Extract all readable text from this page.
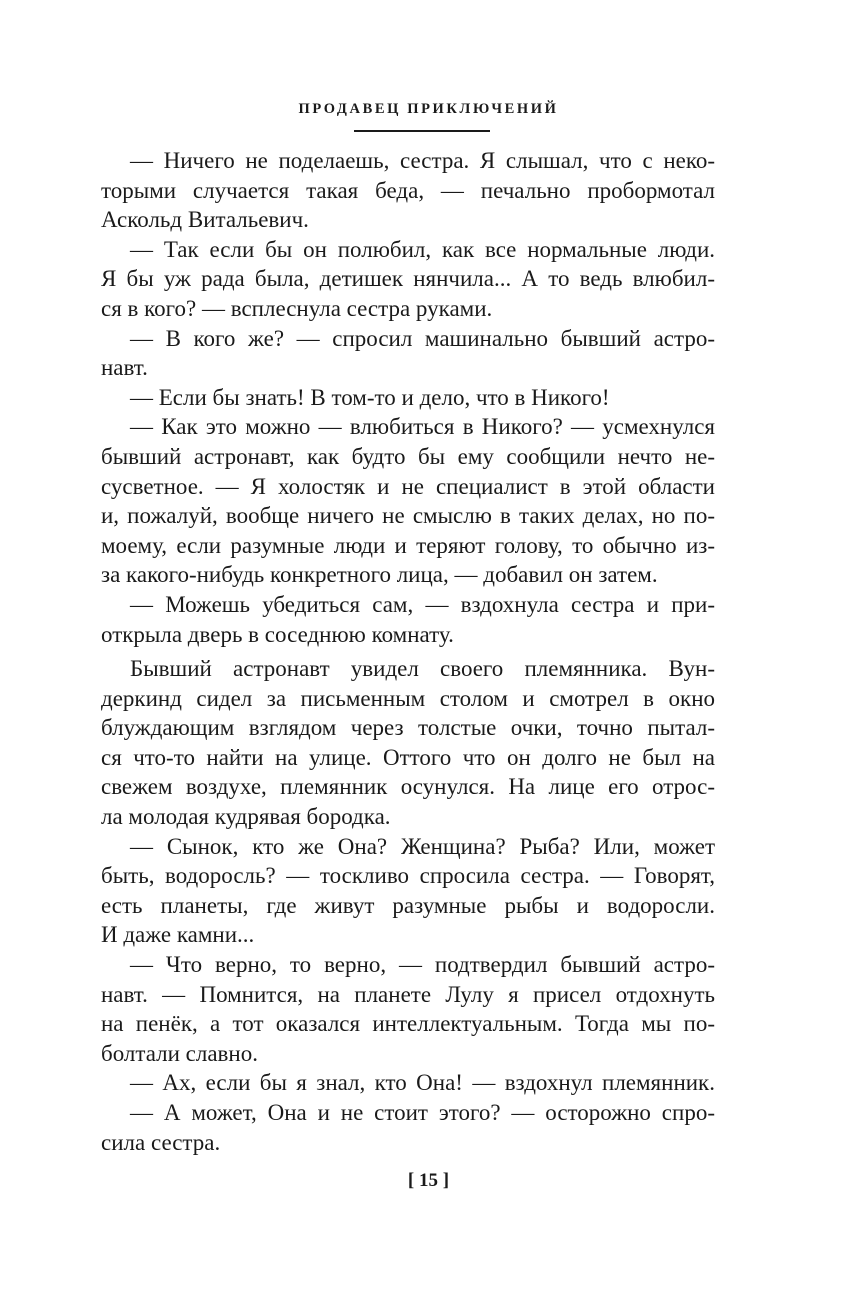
ПРОДАВЕЦ ПРИКЛЮЧЕНИЙ
— Ничего не поделаешь, сестра. Я слышал, что с неко-
торыми случается такая беда, — печально пробормотал
Аскольд Витальевич.
— Так если бы он полюбил, как все нормальные люди.
Я бы уж рада была, детишек нянчила... А то ведь влюбил-
ся в кого? — всплеснула сестра руками.
— В кого же? — спросил машинально бывший астро-
навт.
— Если бы знать! В том-то и дело, что в Никого!
— Как это можно — влюбиться в Никого? — усмехнулся
бывший астронавт, как будто бы ему сообщили нечто не-
сусветное. — Я холостяк и не специалист в этой области
и, пожалуй, вообще ничего не смыслю в таких делах, но по-
моему, если разумные люди и теряют голову, то обычно из-
за какого-нибудь конкретного лица, — добавил он затем.
— Можешь убедиться сам, — вздохнула сестра и при-
открыла дверь в соседнюю комнату.
Бывший астронавт увидел своего племянника. Вун-
деркинд сидел за письменным столом и смотрел в окно
блуждающим взглядом через толстые очки, точно пытал-
ся что-то найти на улице. Оттого что он долго не был на
свежем воздухе, племянник осунулся. На лице его отрос-
ла молодая кудрявая бородка.
— Сынок, кто же Она? Женщина? Рыба? Или, может
быть, водоросль? — тоскливо спросила сестра. — Говорят,
есть планеты, где живут разумные рыбы и водоросли.
И даже камни...
— Что верно, то верно, — подтвердил бывший астро-
навт. — Помнится, на планете Лулу я присел отдохнуть
на пенёк, а тот оказался интеллектуальным. Тогда мы по-
болтали славно.
— Ах, если бы я знал, кто Она! — вздохнул племянник.
— А может, Она и не стоит этого? — осторожно спро-
сила сестра.
[ 15 ]
